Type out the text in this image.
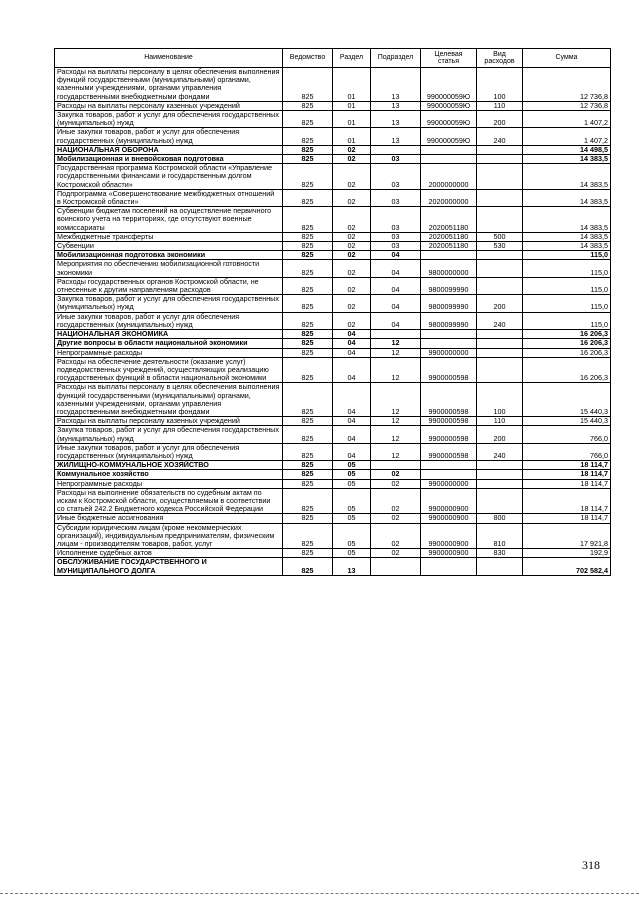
Наименование	Ведомство	Раздел	Подраздел	Целевая статья	Вид расходов	Сумма
Расходы на выплаты персоналу в целях обеспечения выполнения функций государственными (муниципальными) органами, казенными учреждениями, органами управления государственными внебюджетными фондами	825	01	13	990000059Ю	100	12 736,8
Расходы на выплаты персоналу казенных учреждений	825	01	13	990000059Ю	110	12 736,8
Закупка товаров, работ и услуг для обеспечения государственных (муниципальных) нужд	825	01	13	990000059Ю	200	1 407,2
Иные закупки товаров, работ и услуг для обеспечения государственных (муниципальных) нужд	825	01	13	990000059Ю	240	1 407,2
НАЦИОНАЛЬНАЯ ОБОРОНА	825	02				14 498,5
Мобилизационная и вневойсковая подготовка	825	02	03			14 383,5
Государственная программа Костромской области «Управление государственными финансами и государственным долгом Костромской области»	825	02	03	2000000000		14 383,5
Подпрограмма «Совершенствование межбюджетных отношений в Костромской области»	825	02	03	2020000000		14 383,5
Субвенции бюджетам поселений на осуществление первичного воинского учета на территориях, где отсутствуют военные комиссариаты	825	02	03	2020051180		14 383,5
Межбюджетные трансферты	825	02	03	2020051180	500	14 383,5
Субвенции	825	02	03	2020051180	530	14 383,5
Мобилизационная подготовка экономики	825	02	04			115,0
Мероприятия по обеспечению мобилизационной готовности экономики	825	02	04	9800000000		115,0
Расходы государственных органов Костромской области, не отнесенные к другим направлениям расходов	825	02	04	9800099990		115,0
Закупка товаров, работ и услуг для обеспечения государственных (муниципальных) нужд	825	02	04	9800099990	200	115,0
Иные закупки товаров, работ и услуг для обеспечения государственных (муниципальных) нужд	825	02	04	9800099990	240	115,0
НАЦИОНАЛЬНАЯ ЭКОНОМИКА	825	04				16 206,3
Другие вопросы в области национальной экономики	825	04	12			16 206,3
Непрограммные расходы	825	04	12	9900000000		16 206,3
Расходы на обеспечение деятельности (оказание услуг) подведомственных учреждений, осуществляющих реализацию государственных функций в области национальной экономики	825	04	12	9900000598		16 206,3
Расходы на выплаты персоналу в целях обеспечения выполнения функций государственными (муниципальными) органами, казенными учреждениями, органами управления государственными внебюджетными фондами	825	04	12	9900000598	100	15 440,3
Расходы на выплаты персоналу казенных учреждений	825	04	12	9900000598	110	15 440,3
Закупка товаров, работ и услуг для обеспечения государственных (муниципальных) нужд	825	04	12	9900000598	200	766,0
Иные закупки товаров, работ и услуг для обеспечения государственных (муниципальных) нужд	825	04	12	9900000598	240	766,0
ЖИЛИЩНО-КОММУНАЛЬНОЕ ХОЗЯЙСТВО	825	05				18 114,7
Коммунальное хозяйство	825	05	02			18 114,7
Непрограммные расходы	825	05	02	9900000000		18 114,7
Расходы на выполнение обязательств по судебным актам по искам к Костромской области, осуществляемым в соответствии со статьей 242.2 Бюджетного кодекса Российской Федерации	825	05	02	9900000900		18 114,7
Иные бюджетные ассигнования	825	05	02	9900000900	800	18 114,7
Субсидии юридическим лицам (кроме некоммерческих организаций), индивидуальным предпринимателям, физическим лицам - производителям товаров, работ, услуг	825	05	02	9900000900	810	17 921,8
Исполнение судебных актов	825	05	02	9900000900	830	192,9
ОБСЛУЖИВАНИЕ ГОСУДАРСТВЕННОГО И МУНИЦИПАЛЬНОГО ДОЛГА	825	13				702 582,4
318
